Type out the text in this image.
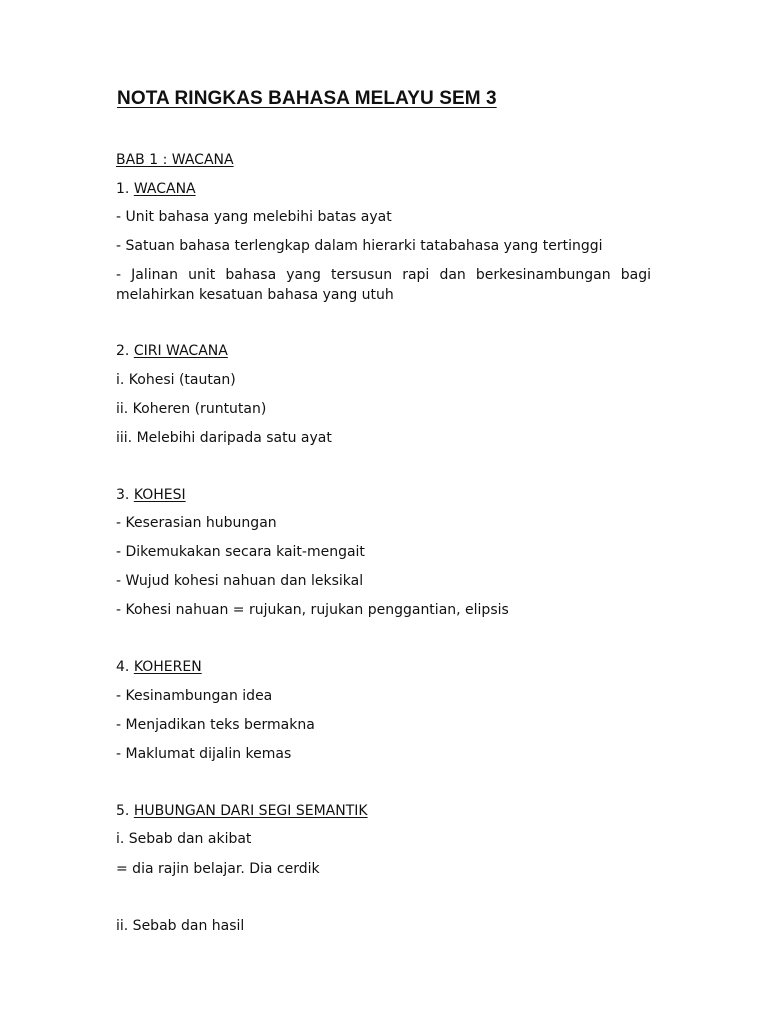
NOTA RINGKAS BAHASA MELAYU SEM 3
BAB 1 : WACANA
1. WACANA
- Unit bahasa yang melebihi batas ayat
- Satuan bahasa terlengkap dalam hierarki tatabahasa yang tertinggi
- Jalinan unit bahasa yang tersusun rapi dan berkesinambungan bagi
melahirkan kesatuan bahasa yang utuh
2. CIRI WACANA
i. Kohesi (tautan)
ii. Koheren (runtutan)
iii. Melebihi daripada satu ayat
3. KOHESI
- Keserasian hubungan
- Dikemukakan secara kait-mengait
- Wujud kohesi nahuan dan leksikal
- Kohesi nahuan = rujukan, rujukan penggantian, elipsis
4. KOHEREN
- Kesinambungan idea
- Menjadikan teks bermakna
- Maklumat dijalin kemas
5. HUBUNGAN DARI SEGI SEMANTIK
i. Sebab dan akibat
= dia rajin belajar. Dia cerdik
ii. Sebab dan hasil
